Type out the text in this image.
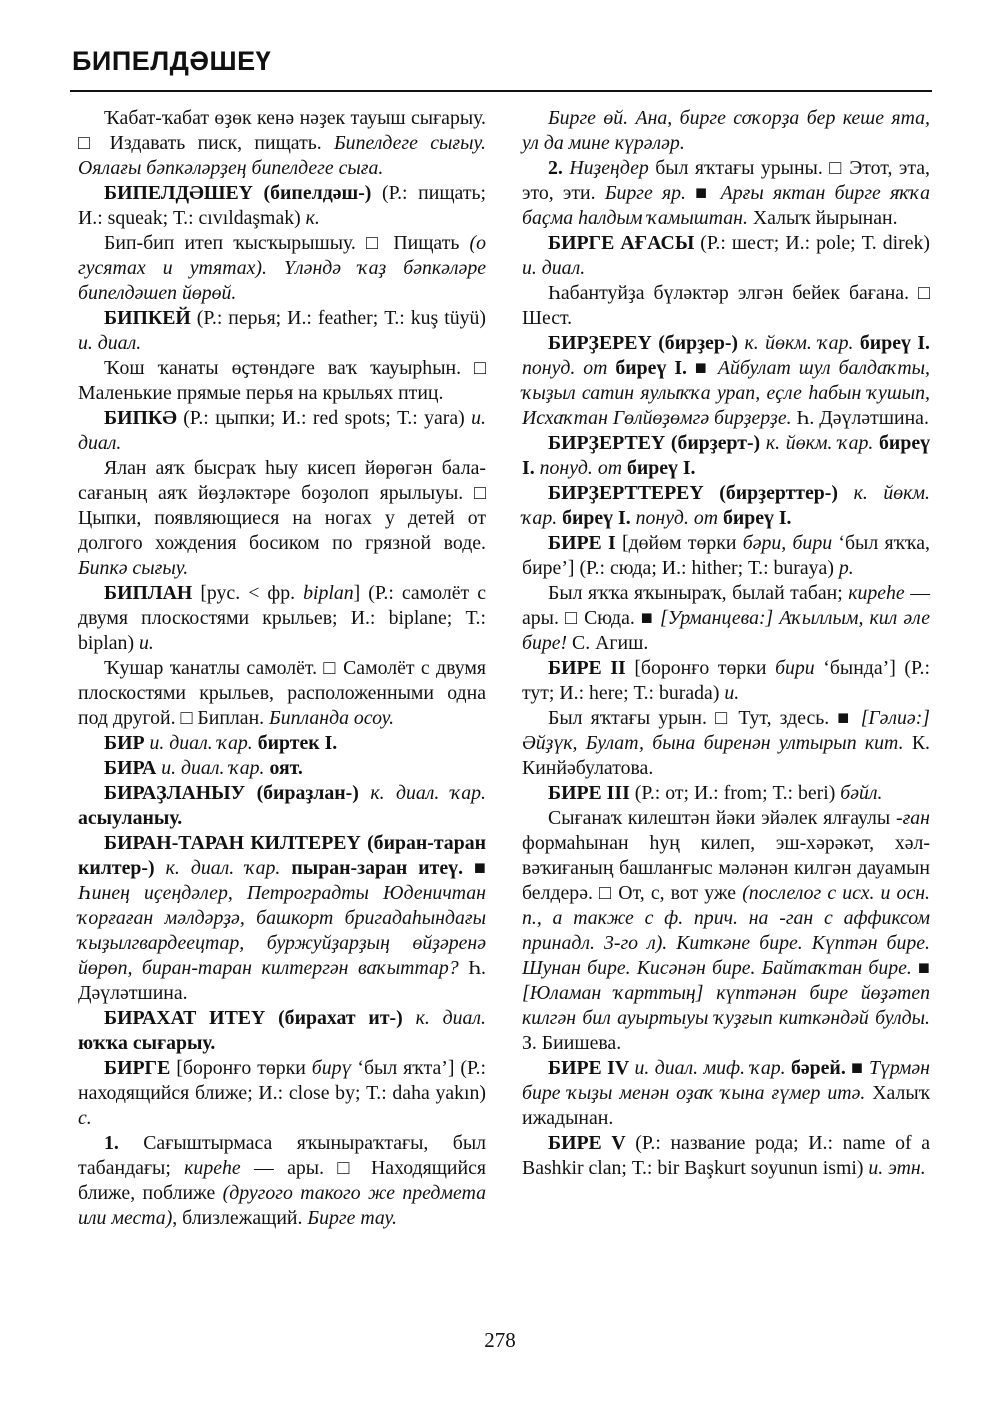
БИПЕЛДӘШЕҮ

Ҡабат-ҡабат өҙөк кенә нәҙек тауыш сығарыу. □ Издавать писк, пищать. Бипелдеге сығыу. Оялағы бәпкәләрҙең бипелдеге сыға.

БИПЕЛДӘШЕҮ (бипелдәш-) (Р.: пищать; И.: squeak; Т.: cıvıldaşmak) к.

Бип-бип итеп ҡысҡырышыу. □ Пищать (о гусятах и утятах). Үләндә ҡаҙ бәпкәләре бипелдәшеп йөрөй.

БИПКЕЙ (Р.: перья; И.: feather; Т.: kuş tüyü) и. диал.

Ҡош ҡанаты өҫтөндәге ваҡ ҡауырһын. □ Маленькие прямые перья на крыльях птиц.

БИПКӘ (Р.: цыпки; И.: red spots; Т.: yara) и. диал.

Ялан аяҡ бысраҡ һыу кисеп йөрөгән бала-сағаның аяҡ йөҙләктәре боҙолоп ярылыуы. □ Цыпки, появляющиеся на ногах у детей от долгого хождения босиком по грязной воде. Бипкә сығыу.

БИПЛАН [рус. < фр. biplan] (Р.: самолёт с двумя плоскостями крыльев; И.: biplane; Т.: biplan) и.

Ҡушар ҡанатлы самолёт. □ Самолёт с двумя плоскостями крыльев, расположенными одна под другой. □ Биплан. Бипланда осоу.

БИР и. диал. ҡар. биртек I.

БИРА и. диал. ҡар. оят.

БИРАҘЛАНЫУ (бираҙлан-) к. диал. ҡар. асыуланыу.

БИРАН-ТАРАН КИЛТЕРЕҮ (биран-таран килтер-) к. диал. ҡар. пыран-заран итеү. ■ Һинең иҫеңдәлер, Петроградты Юденичтан ҡорғаған мәлдәрҙә, башкорт бригадаһындағы ҡыҙылгвардеецтар, буржуйҙарҙың өйҙәренә йөрөп, биран-таран килтергән ваҡыттар? Һ. Дәүләтшина.

БИРАХАТ ИТЕҮ (бирахат ит-) к. диал. юҡҡа сығарыу.

БИРГЕ [боронғо төрки бирү ‘был яҡта’] (Р.: находящийся ближе; И.: close by; Т.: daha yakın) с.

1. Сағыштырмаса яҡынырaҡтағы, был табандағы; киреһе — ары. □ Находящийся ближе, поближе (другого такого же предмета или места), близлежащий. Бирге тау.

Бирге өй. Ана, бирге соҡорҙа бер кеше ята, ул да мине күрәләр.

2. Ниҙеңдер был яҡтағы урыны. □ Этот, эта, это, эти. Бирге яр. ■ Арғы яктан бирге яҡҡа баҫма һалдым ҡамыштан. Халыҡ йырынан.

БИРГЕ АҒАСЫ (Р.: шест; И.: pole; Т. direk) и. диал.

Һабантуйҙа бүләктәр элгән бейек бағана. □ Шест.

БИРҘЕРЕҮ (бирҙер-) к. йөкм. ҡар. биреү I. понуд. от биреү I. ■ Айбулат шул балдаҡты, ҡыҙыл сатин яулыҡҡа урап, еҫле һабын ҡушып, Исхаҡтан Гөлйөҙөмгә бирҙерҙе. Һ. Дәүләтшина.

БИРҘЕРТЕҮ (бирҙерт-) к. йөкм. ҡар. биреү I. понуд. от биреү I.

БИРҘЕРТТЕРЕҮ (бирҙерттер-) к. йөкм. ҡар. биреү I. понуд. от биреү I.

БИРЕ I [дөйөм төрки бәри, бири ‘был яҡҡа, бире’] (Р.: сюда; И.: hither; Т.: buraya) р.

Был яҡҡа яҡынырaҡ, былай табан; киреһе — ары. □ Сюда. ■ [Урманцева:] Аҡыллым, кил әле бире! С. Агиш.

БИРЕ II [боронғо төрки бири ‘бында’] (Р.: тут; И.: here; Т.: burada) и.

Был яҡтағы урын. □ Тут, здесь. ■ [Гәлиә:] Әйҙүк, Булат, бына биренән ултырып кит. К. Кинйәбулатова.

БИРЕ III (Р.: от; И.: from; Т.: beri) бәйл.

Сығанаҡ килештән йәки эйәлек ялғаулы -ған формаһынан һуң килеп, эш-хәрәкәт, хәл-вәҡиғаның башланғыс мәләнән килгән дауамын белдерә. □ От, с, вот уже (послелог с исх. и осн. п., а также с ф. прич. на -ган с аффиксом принадл. 3-го л). Киткәне бире. Күптән бире. Шунан бире. Кисәнән бире. Байтаҡтан бире. ■ [Юламан ҡарттың] күптәнән бире йөҙәтеп килгән бил ауыртыуы ҡуҙғып киткәндәй булды. З. Биишева.

БИРЕ IV и. диал. миф. ҡар. бәрей. ■ Түрмән бире ҡыҙы менән оҙаҡ ҡына ғүмер итә. Халыҡ ижадынан.

БИРЕ V (Р.: название рода; И.: name of a Bashkir clan; Т.: bir Başkurt soyunun ismi) и. этн.

278
